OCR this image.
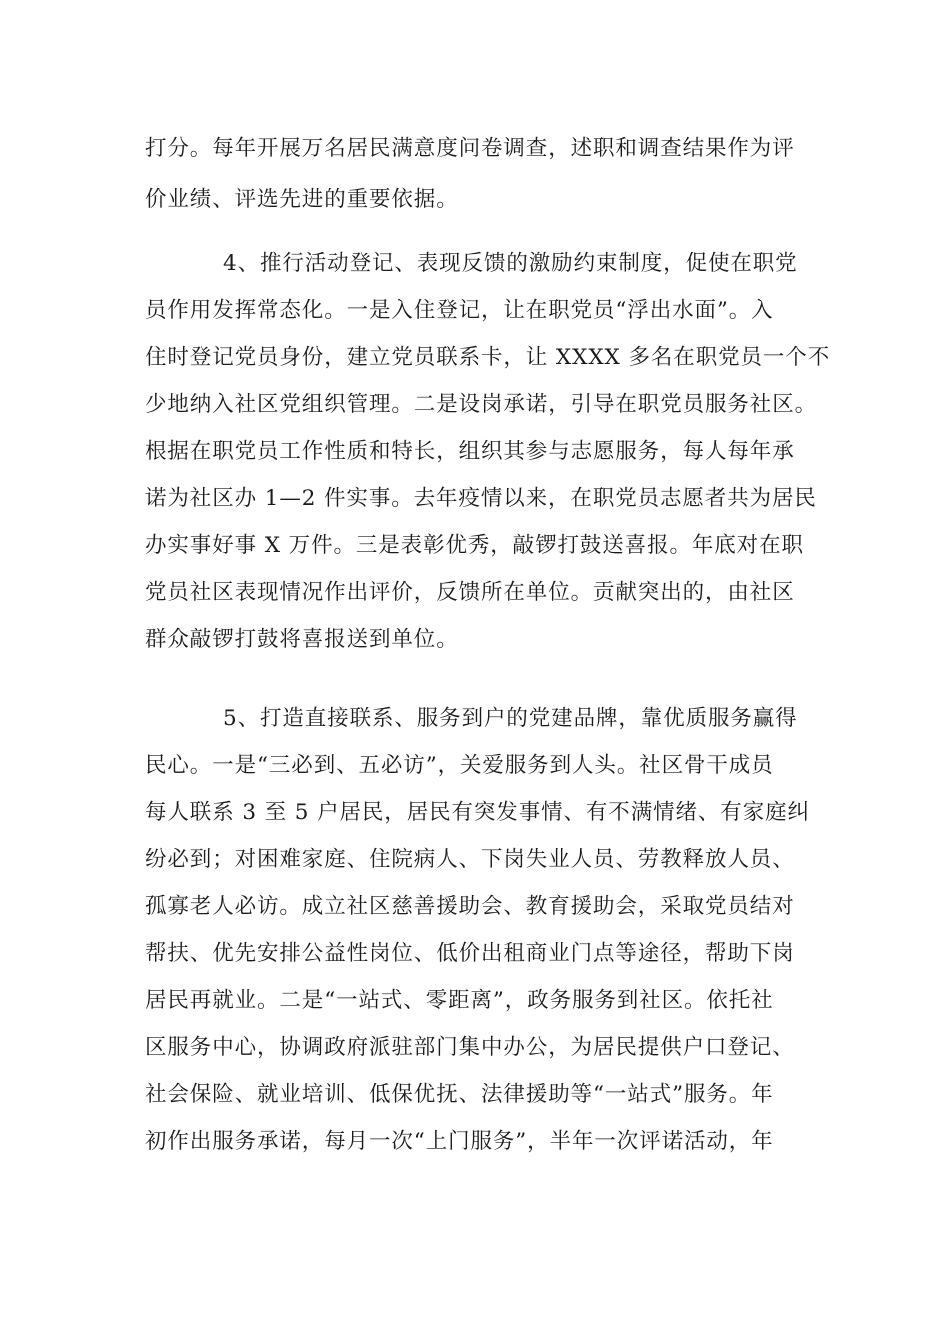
打分。每年开展万名居民满意度问卷调查，述职和调查结果作为评
价业绩、评选先进的重要依据。
4、推行活动登记、表现反馈的激励约束制度，促使在职党
员作用发挥常态化。一是入住登记，让在职党员“浮出水面”。入
住时登记党员身份，建立党员联系卡，让 XXXX 多名在职党员一个不
少地纳入社区党组织管理。二是设岗承诺，引导在职党员服务社区。
根据在职党员工作性质和特长，组织其参与志愿服务，每人每年承
诺为社区办 1—2 件实事。去年疫情以来，在职党员志愿者共为居民
办实事好事 X 万件。三是表彰优秀，敲锣打鼓送喜报。年底对在职
党员社区表现情况作出评价，反馈所在单位。贡献突出的，由社区
群众敲锣打鼓将喜报送到单位。
5、打造直接联系、服务到户的党建品牌，靠优质服务赢得
民心。一是“三必到、五必访”，关爱服务到人头。社区骨干成员
每人联系 3 至 5 户居民，居民有突发事情、有不满情绪、有家庭纠
纷必到；对困难家庭、住院病人、下岗失业人员、劳教释放人员、
孤寡老人必访。成立社区慈善援助会、教育援助会，采取党员结对
帮扶、优先安排公益性岗位、低价出租商业门点等途径，帮助下岗
居民再就业。二是“一站式、零距离”，政务服务到社区。依托社
区服务中心，协调政府派驻部门集中办公，为居民提供户口登记、
社会保险、就业培训、低保优抚、法律援助等“一站式”服务。年
初作出服务承诺，每月一次“上门服务”，半年一次评诺活动，年
